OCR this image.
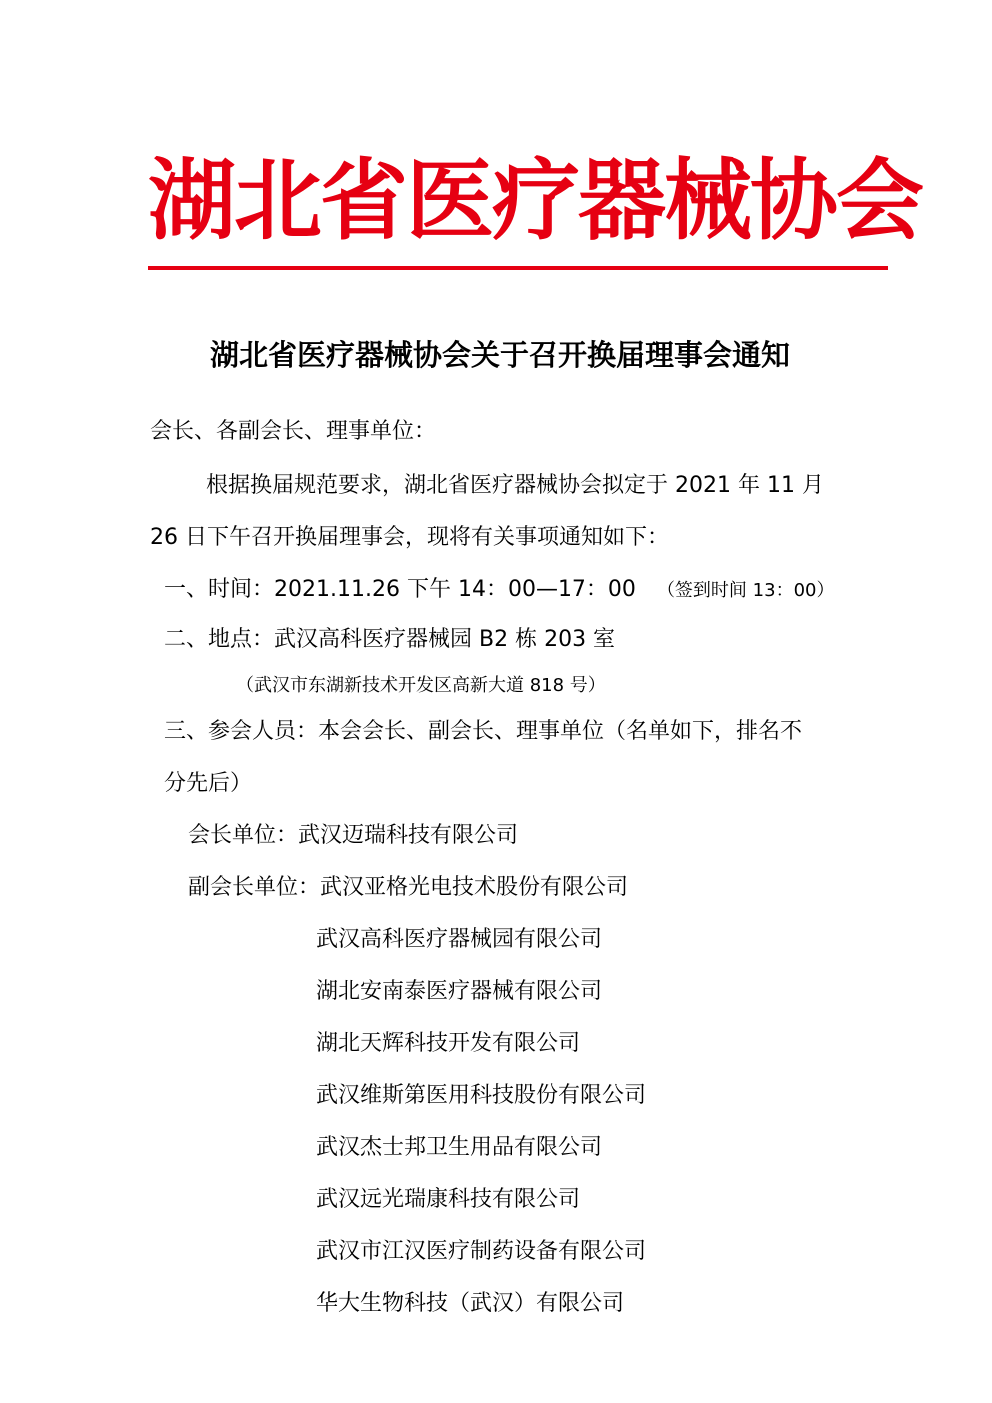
湖北省医疗器械协会
湖北省医疗器械协会关于召开换届理事会通知
会长、各副会长、理事单位：
根据换届规范要求，湖北省医疗器械协会拟定于 2021 年 11 月
26 日下午召开换届理事会，现将有关事项通知如下：
一、时间：2021.11.26 下午 14：00—17：00 （签到时间 13：00）
二、地点：武汉高科医疗器械园 B2 栋 203 室
（武汉市东湖新技术开发区高新大道 818 号）
三、参会人员：本会会长、副会长、理事单位（名单如下，排名不
分先后）
会长单位：武汉迈瑞科技有限公司
副会长单位：武汉亚格光电技术股份有限公司
武汉高科医疗器械园有限公司
湖北安南泰医疗器械有限公司
湖北天辉科技开发有限公司
武汉维斯第医用科技股份有限公司
武汉杰士邦卫生用品有限公司
武汉远光瑞康科技有限公司
武汉市江汉医疗制药设备有限公司
华大生物科技（武汉）有限公司
